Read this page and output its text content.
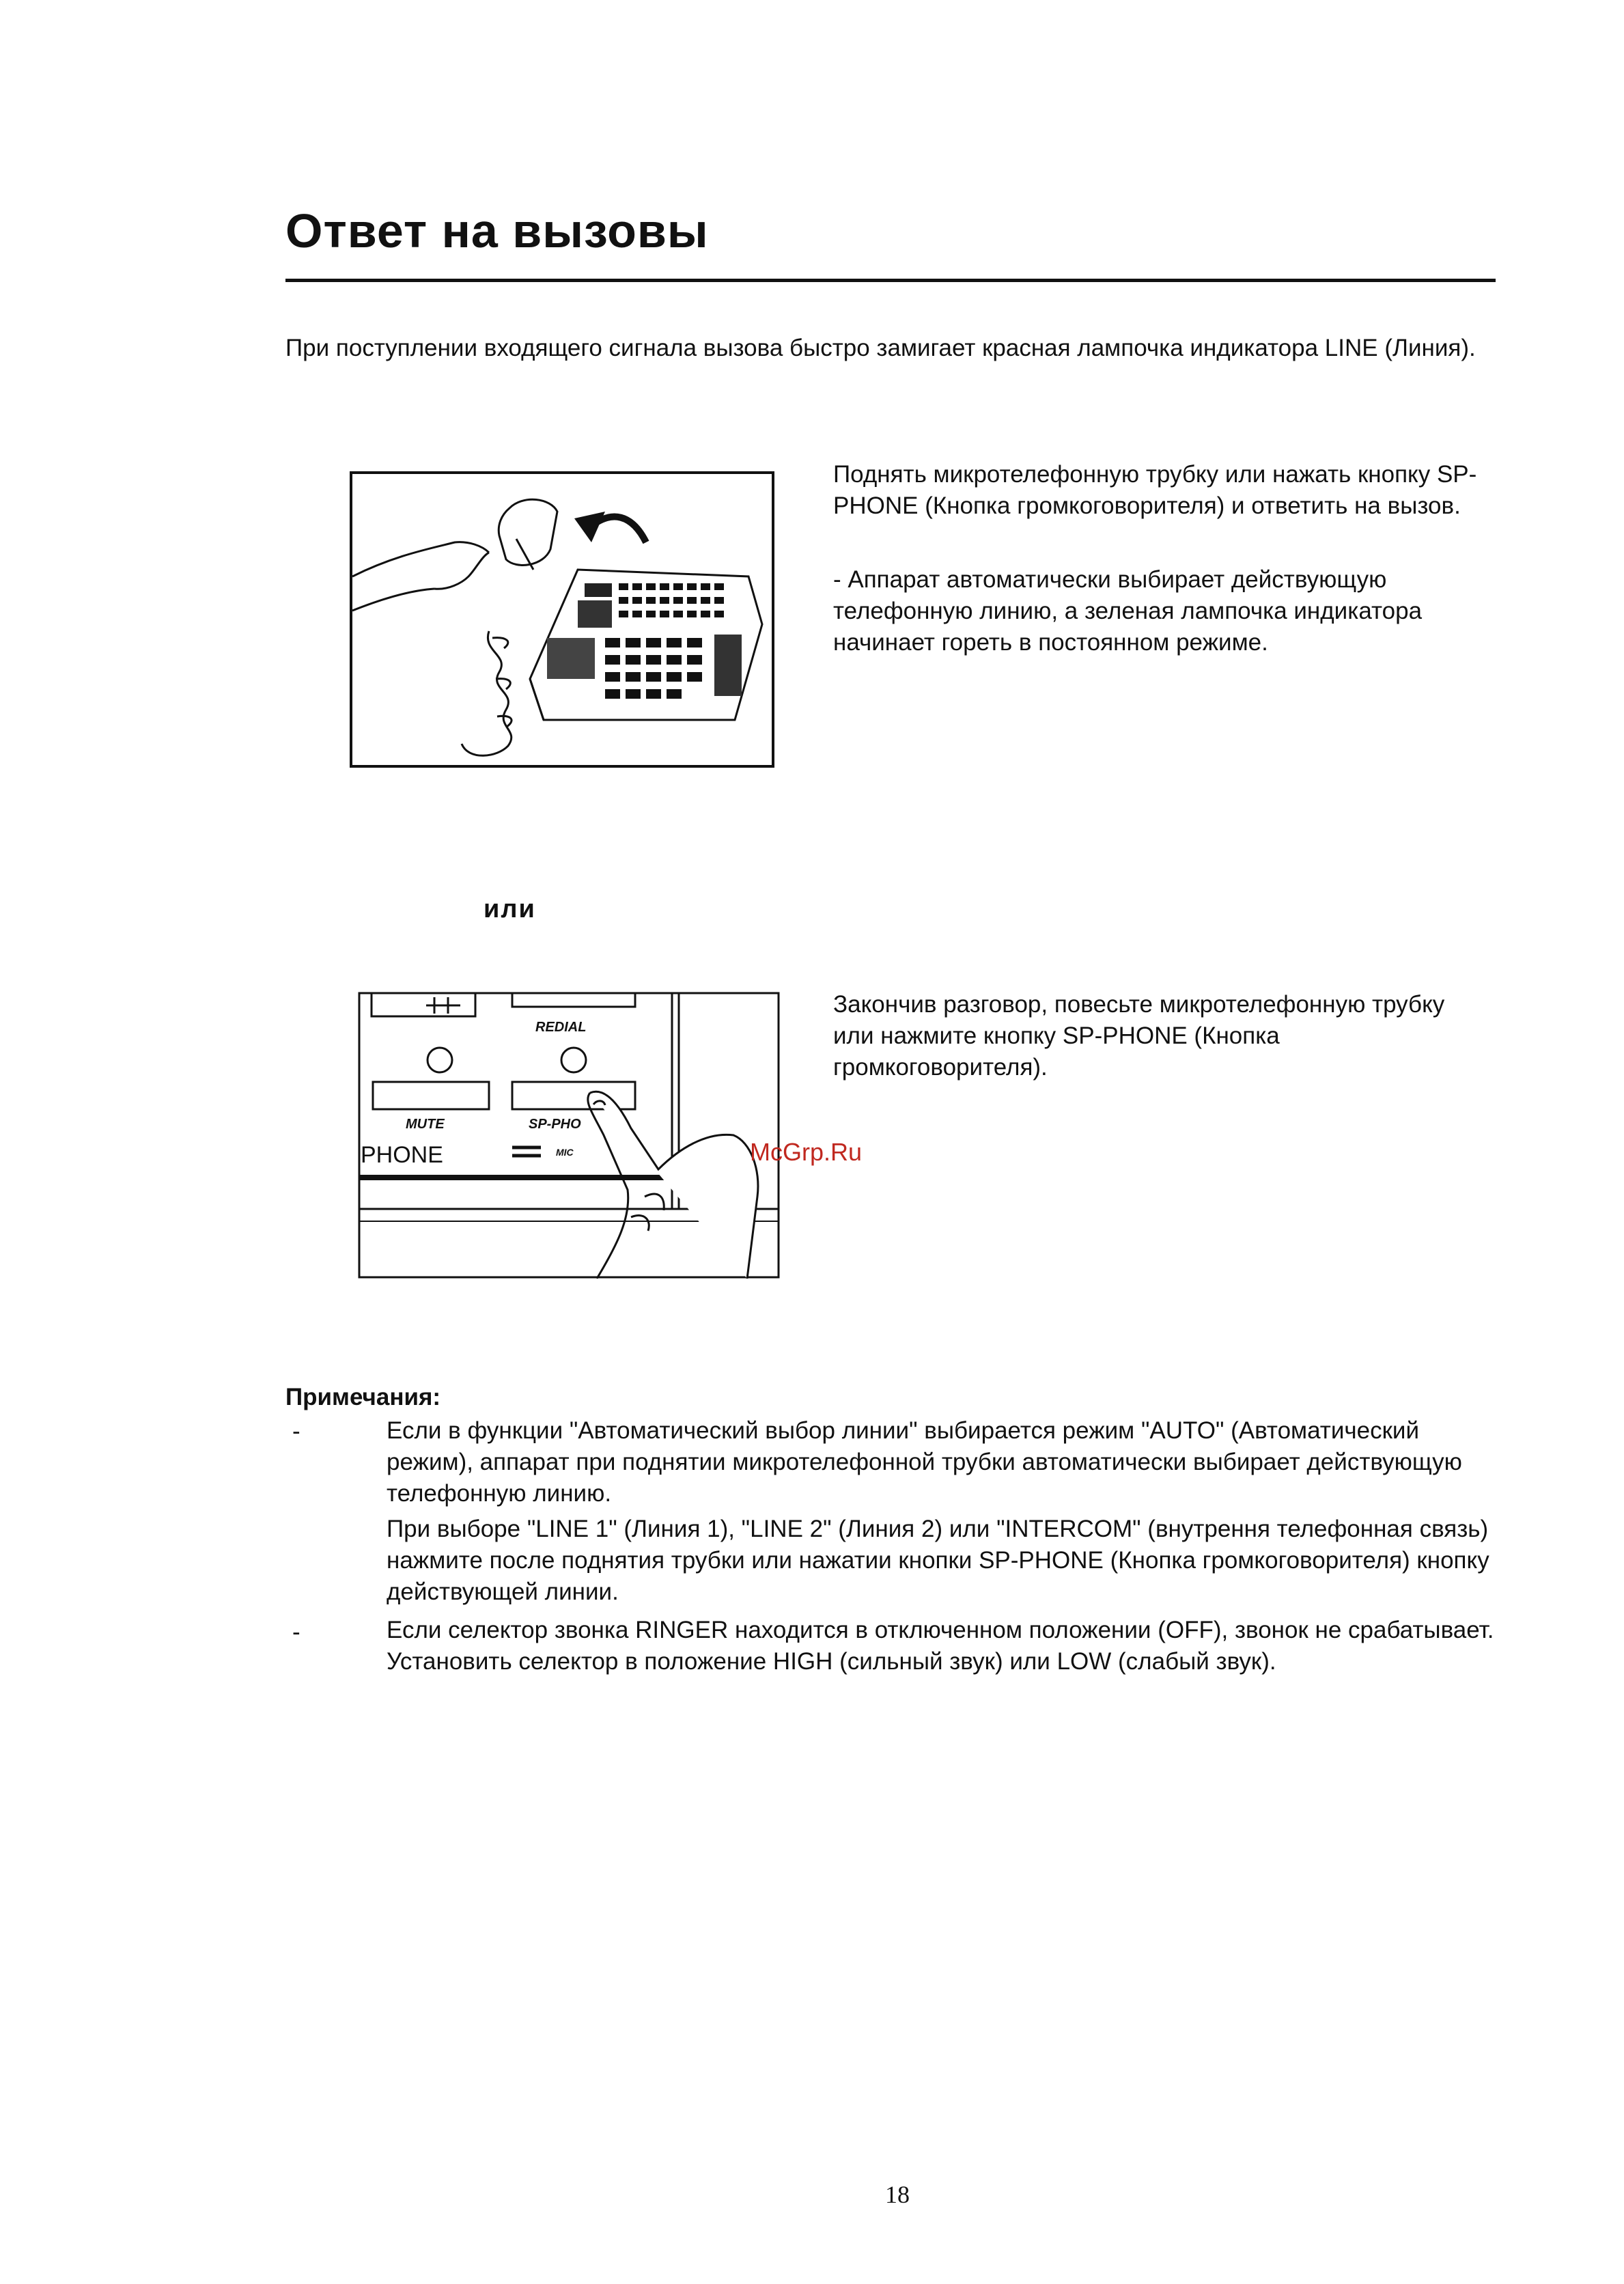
Ответ на вызовы
При поступлении входящего сигнала вызова быстро замигает красная лампочка индикатора LINE (Линия).
Поднять микротелефонную трубку или нажать кнопку SP-PHONE (Кнопка громкоговорителя) и ответить на вызов.
- Аппарат автоматически выбирает действующую телефонную линию, а зеленая лампочка индикатора начинает гореть в постоянном режиме.
или
REDIAL
MUTE	SP-PHO
MIC
PHONE	McGrp.Ru
Закончив разговор, повесьте микротелефонную трубку или нажмите кнопку SP-PHONE (Кнопка громкоговорителя).
Примечания:
-	Если в функции "Автоматический выбор линии" выбирается режим "AUTO" (Автоматический режим), аппарат при поднятии микротелефонной трубки автоматически выбирает действующую телефонную линию.
При выборе "LINE 1" (Линия 1), "LINE 2" (Линия 2) или "INTERCOM" (внутрення телефонная связь) нажмите после поднятия трубки или нажатии кнопки SP-PHONE (Кнопка громкоговорителя) кнопку действующей линии.
-	Если селектор звонка RINGER находится в отключенном положении (OFF), звонок не срабатывает. Установить селектор в положение HIGH (сильный звук) или LOW (слабый звук).
18
